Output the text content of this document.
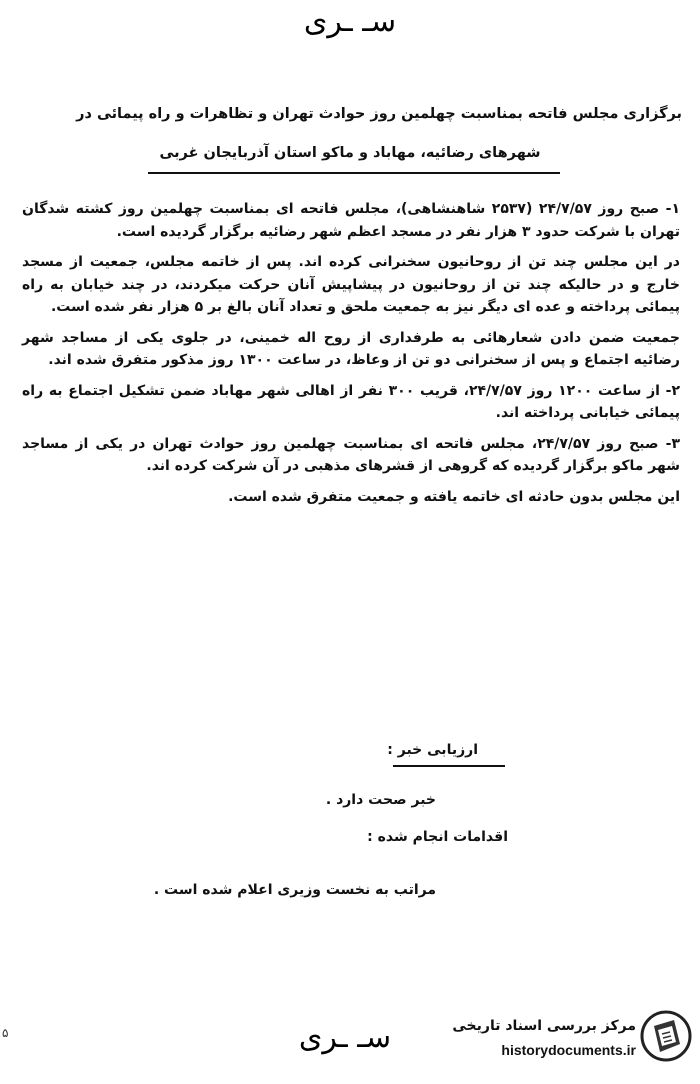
سـ ـرى
برگزاری مجلس فاتحه بمناسبت چهلمین روز حوادث تهران و تظاهرات و راه پیمائی در
شهرهای رضائیه، مهاباد و ماکو استان آذربایجان غربی

۱- صبح روز ۲۴/۷/۵۷ (۲۵۳۷ شاهنشاهی)، مجلس فاتحه ای بمناسبت چهلمین روز کشته شدگان تهران با شرکت حدود ۳ هزار نفر در مسجد اعظم شهر رضائیه برگزار گردیده است.

در این مجلس چند تن از روحانیون سخنرانی کرده اند. پس از خاتمه مجلس، جمعیت از مسجد خارج و در حالیکه چند تن از روحانیون در پیشاپیش آنان حرکت میکردند، در چند خیابان به راه پیمائی پرداخته و عده ای دیگر نیز به جمعیت ملحق و تعداد آنان بالغ بر ۵ هزار نفر شده است.

جمعیت ضمن دادن شعارهائی به طرفداری از روح اله خمینی، در جلوی یکی از مساجد شهر رضائیه اجتماع و پس از سخنرانی دو تن از وعاظ، در ساعت ۱۳۰۰ روز مذکور متفرق شده اند.

۲- از ساعت ۱۲۰۰ روز ۲۴/۷/۵۷، قریب ۳۰۰ نفر از اهالی شهر مهاباد ضمن تشکیل اجتماع به راه پیمائی خیابانی پرداخته اند.

۳- صبح روز ۲۴/۷/۵۷، مجلس فاتحه ای بمناسبت چهلمین روز حوادث تهران در یکی از مساجد شهر ماکو برگزار گردیده که گروهی از قشرهای مذهبی در آن شرکت کرده اند.

این مجلس بدون حادثه ای خاتمه یافته و جمعیت متفرق شده است.

ارزیابی خبر :
خبر صحت دارد .
اقدامات انجام شده :
مراتب به نخست وزیری اعلام شده است .
سـ ـرى
۵	مرکز بررسی اسناد تاریخی
historydocuments.ir
